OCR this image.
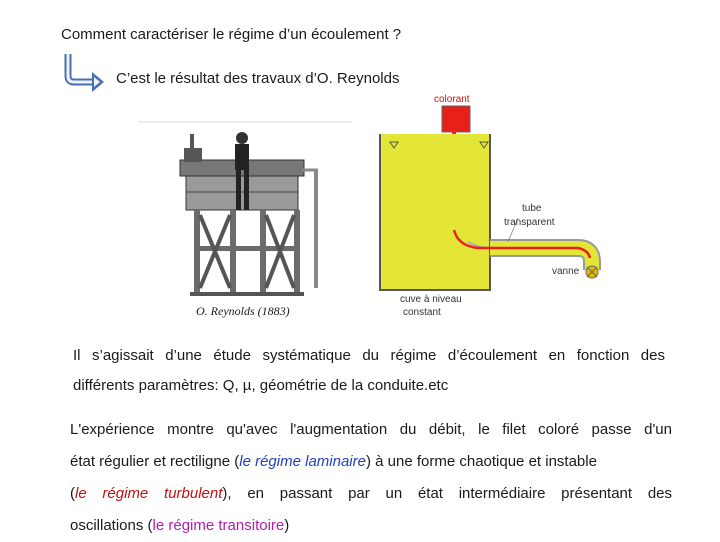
Comment caractériser le régime d’un écoulement ?
C’est le résultat des travaux d’O. Reynolds
O. Reynolds (1883)
colorant
tube
transparent
vanne
cuve à niveau
constant
Il s’agissait d’une étude systématique du régime d’écoulement en fonction des
différents paramètres: Q, µ, géométrie de la conduite.etc
L'expérience montre qu'avec l'augmentation du débit, le filet coloré passe d'un
état régulier et rectiligne (le régime laminaire) à une forme chaotique et instable
(le régime turbulent), en passant par un état intermédiaire présentant des
oscillations (le régime transitoire)
